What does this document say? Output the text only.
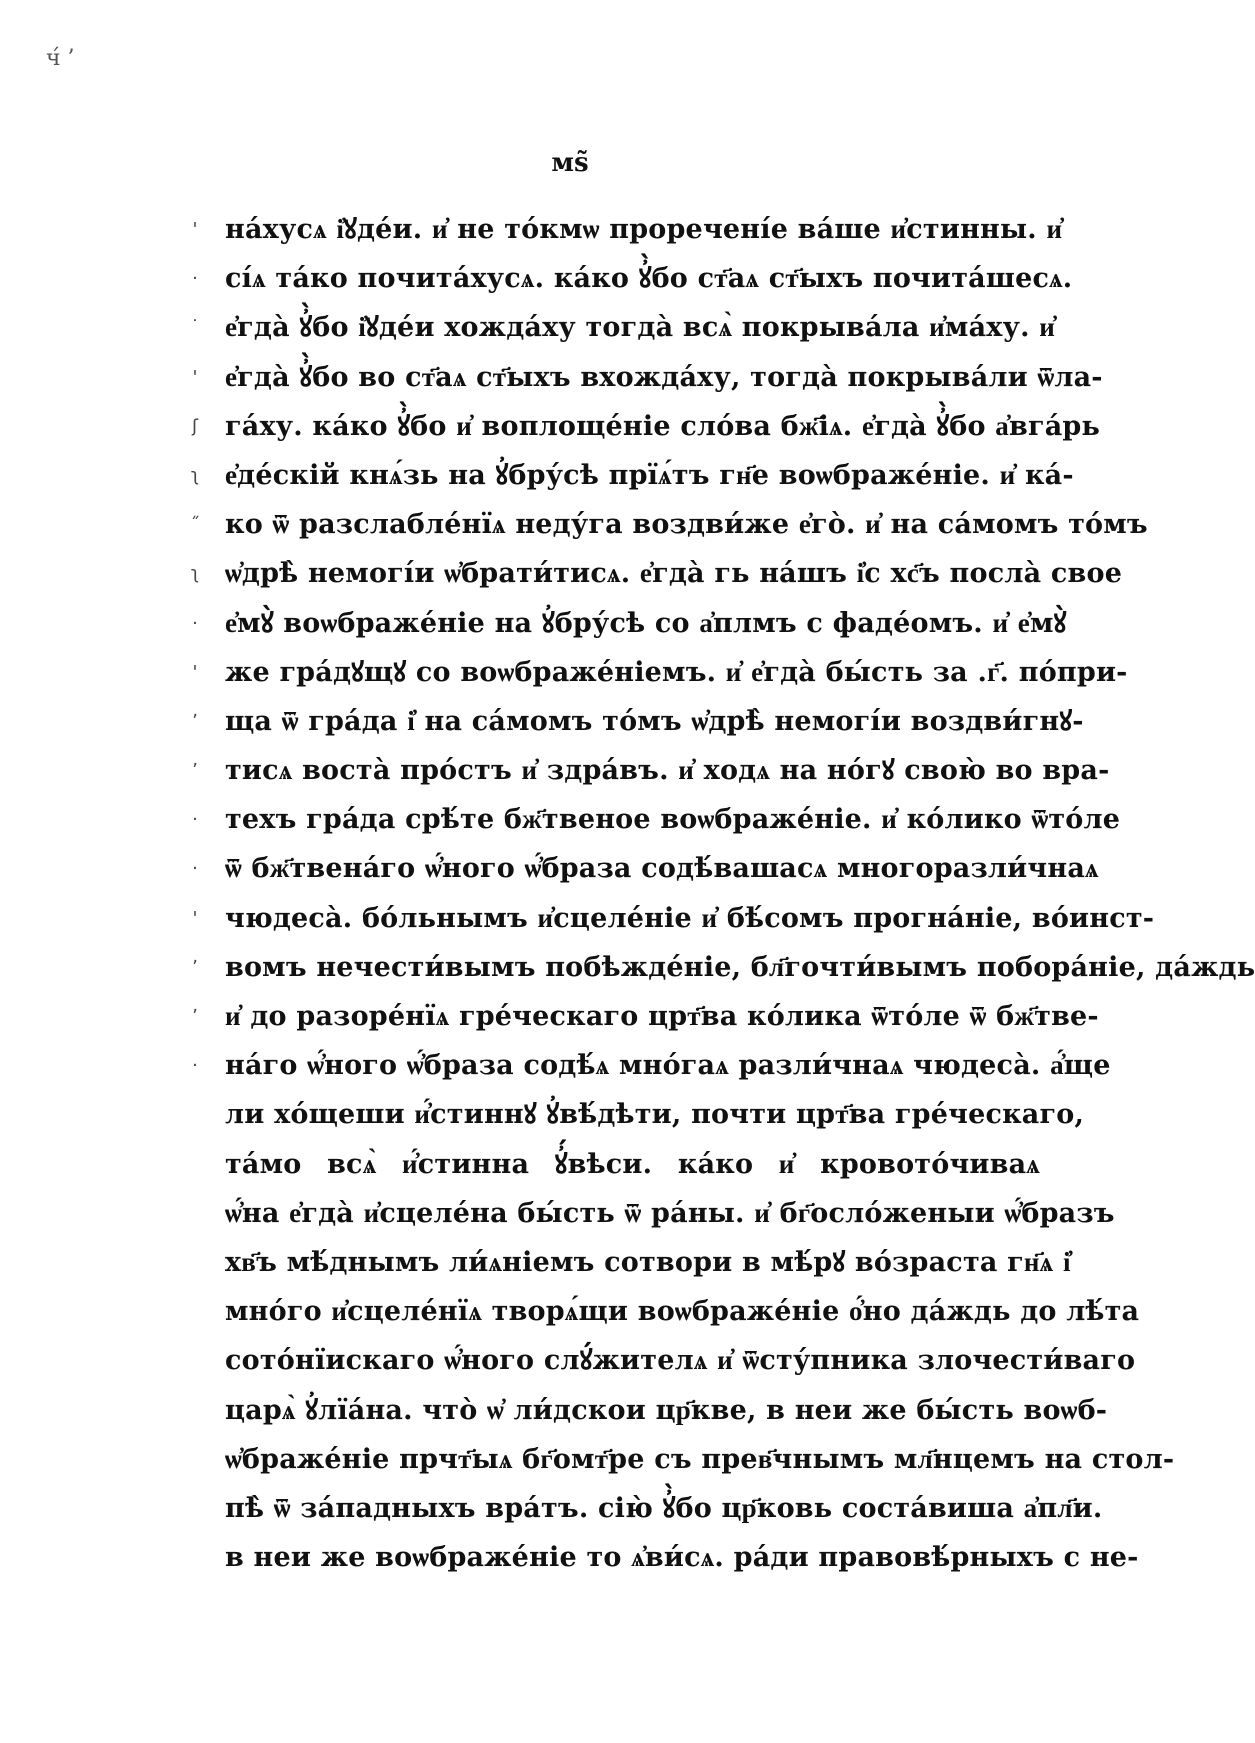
ч́ ’
мѕ̃
'
·
˙
'
ʃ
ʅ
˝
ʅ
·
'
ʼ
ʼ
·
·
'
ʼ
ʼ
·
на́хусѧ і҆ꙋде́и. и҆ не то́кмѡ проречені́е ва́ше и҆стинны. и҆
сі́ѧ та́ко почита́хусѧ. ка́ко ꙋ҆̀бо ст҃аѧ ст҃ыхъ почита́шесѧ.
е҆гда̀ ꙋ҆̀бо і҆ꙋде́и хожда́ху тогда̀ всѧ̀ покрыва́ла и҆ма́ху. и҆
е҆гда̀ ꙋ҆̀бо во ст҃аѧ ст҃ыхъ вхожда́ху, тогда̀ покрыва́ли ѿла-
га́ху. ка́ко ꙋ҆̀бо и҆ воплоще́ніе сло́ва бж҃іѧ. е҆гда̀ ꙋ҆̀бо а҆вга́рь
е҆де́скій кнѧ́зь на ꙋ҆бру́сѣ прїѧ́тъ гн҃е воѡбраже́ніе. и҆ ка́-
ко ѿ разслабле́нїѧ неду́га воздви́же е҆го̀. и҆ на са́момъ то́мъ
ѡ҆дрѣ̀ немогі́и ѡ҆брати́тисѧ. е҆гда̀ гь на́шъ і҆с хс҃ъ посла̀ свое
е҆мꙋ̀ воѡбраже́ніе на ꙋ҆бру́сѣ со а҆плмъ с фаде́омъ. и҆ е҆мꙋ̀
же гра́дꙋщꙋ со воѡбраже́ніемъ. и҆ е҆гда̀ бы́сть за .г҃. по́при-
ща ѿ гра́да і҆ на са́момъ то́мъ ѡ҆дрѣ̀ немогі́и воздви́гнꙋ-
тисѧ воста̀ про́стъ и҆ здра́въ. и҆ ходѧ на но́гꙋ свою̀ во вра-
техъ гра́да срѣ́те бж҃твеное воѡбраже́ніе. и҆ ко́лико ѿто́ле
ѿ бж҃твена́го ѡ҆́ного ѡ҆́браза содѣ́вашасѧ многоразли́чнаѧ
чюдеса̀. бо́льнымъ и҆сцеле́ніе и҆ бѣ́сомъ прогна́ніе, во́инст-
вомъ нечести́вымъ побѣжде́ніе, бл҃гочти́вымъ побора́ніе, да́ждь
и҆ до разоре́нїѧ гре́ческаго црт҃ва ко́лика ѿто́ле ѿ бж҃тве-
на́го ѡ҆́ного ѡ҆́браза содѣ́ѧ мно́гаѧ разли́чнаѧ чюдеса̀. а҆́ще
ли хо́щеши и҆́стиннꙋ ꙋ҆вѣ́дѣти, почти црт҃ва гре́ческаго,
та́мо всѧ̀ и҆́стинна ꙋ҆́вѣси. ка́ко и҆ кровото́чиваѧ
ѡ҆́на е҆гда̀ и҆сцеле́на бы́сть ѿ ра́ны. и҆ бг҃осло́женыи ѡ҆́бразъ
хв҃ъ мѣ́днымъ ли́ѧніемъ сотвори в мѣ́рꙋ во́зраста гн҃ѧ і҆
мно́го и҆сцеле́нїѧ творѧ́щи воѡбраже́ніе о҆́но да́ждь до лѣ́та
сото́нїискаго ѡ҆́ного слꙋ́жителѧ и҆ ѿсту́пника злочести́ваго
царѧ̀ ꙋ҆лїа́на. что̀ ѡ҆ ли́дскои цр҃кве, в неи же бы́сть воѡб-
ѡ҆браже́ніе прчт҃ыѧ бг҃омт҃ре съ прев҃чнымъ мл҃нцемъ на стол-
пѣ̀ ѿ за́падныхъ вра́тъ. сію̀ ꙋ҆̀бо цр҃ковь соста́виша а҆пл҃и.
в неи же воѡбраже́ніе то ѧ҆ви́сѧ. ра́ди правовѣ́рныхъ с не-
